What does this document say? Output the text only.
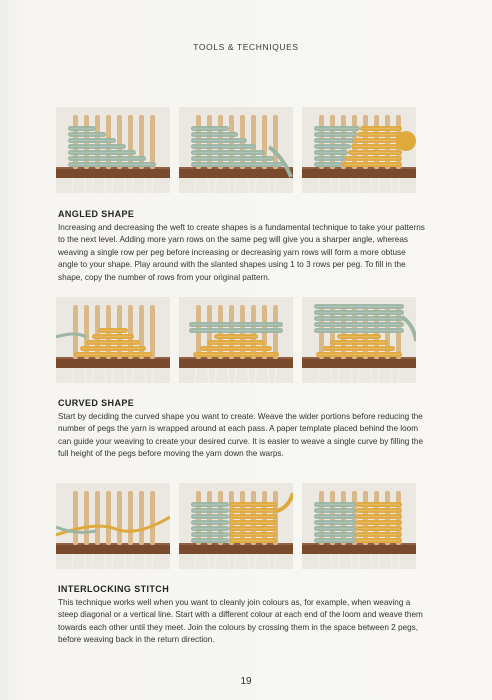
TOOLS & TECHNIQUES
ANGLED SHAPE

Increasing and decreasing the weft to create shapes is a fundamental technique to take your patterns to the next level. Adding more yarn rows on the same peg will give you a sharper angle, whereas weaving a single row per peg before increasing or decreasing yarn rows will form a more obtuse angle to your shape. Play around with the slanted shapes using 1 to 3 rows per peg. To fill in the shape, copy the number of rows from your original pattern.

CURVED SHAPE

Start by deciding the curved shape you want to create. Weave the wider portions before reducing the number of pegs the yarn is wrapped around at each pass. A paper template placed behind the loom can guide your weaving to create your desired curve. It is easier to weave a single curve by filling the full height of the pegs before moving the yarn down the warps.

INTERLOCKING STITCH

This technique works well when you want to cleanly join colours as, for example, when weaving a steep diagonal or a vertical line. Start with a different colour at each end of the loom and weave them towards each other until they meet. Join the colours by crossing them in the space between 2 pegs, before weaving back in the return direction.

19
